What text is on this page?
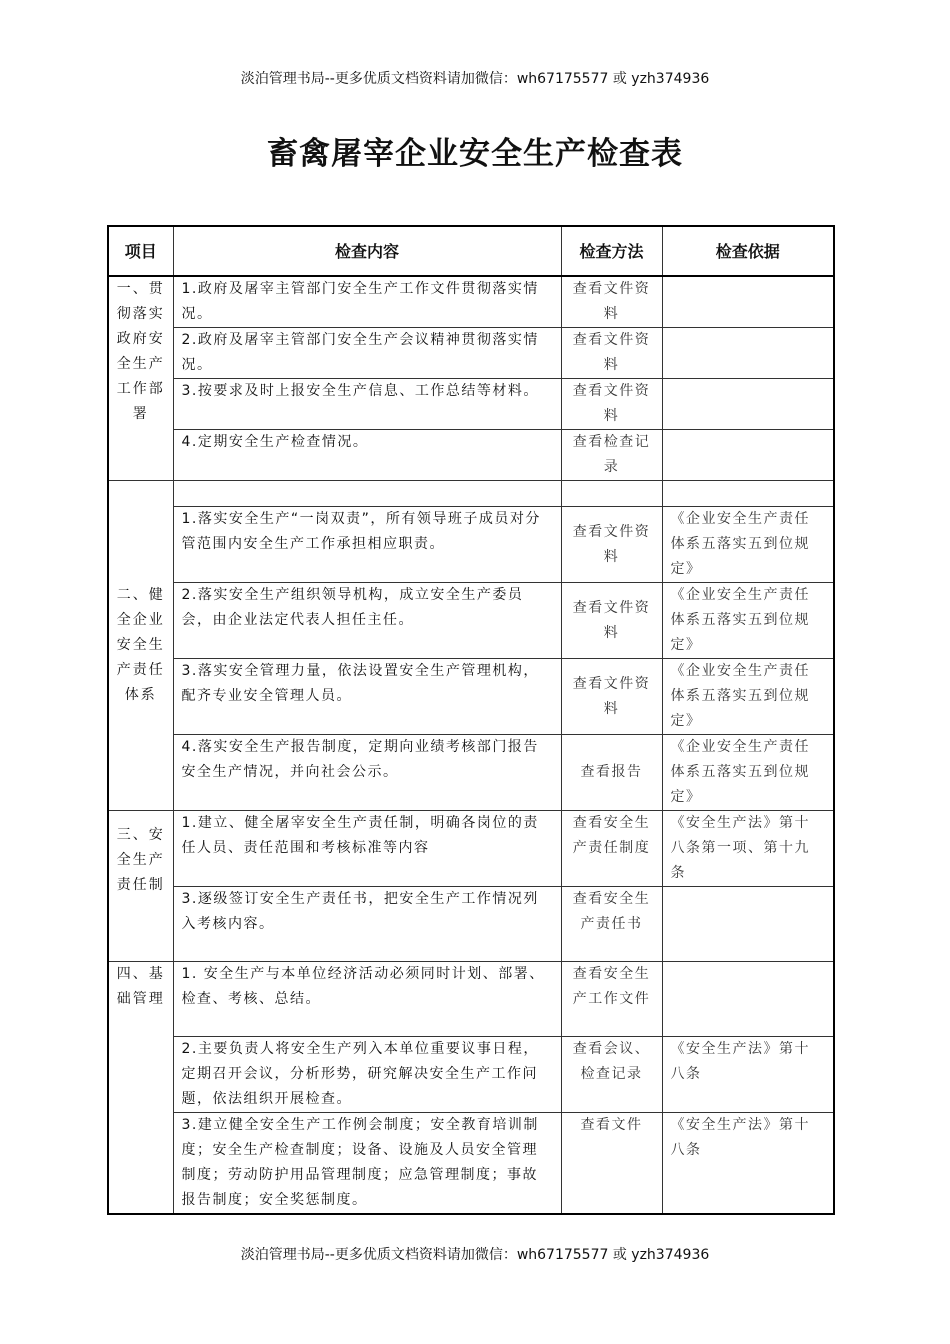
淡泊管理书局--更多优质文档资料请加微信：wh67175577 或 yzh374936
畜禽屠宰企业安全生产检查表
项目	检查内容	检查方法	检查依据
一、贯彻落实政府安全生产工作部署	1.政府及屠宰主管部门安全生产工作文件贯彻落实情况。	查看文件资料	
	2.政府及屠宰主管部门安全生产会议精神贯彻落实情况。	查看文件资料	
	3.按要求及时上报安全生产信息、工作总结等材料。	查看文件资料	
	4.定期安全生产检查情况。	查看检查记录	
二、健全企业安全生产责任体系			
	1.落实安全生产“一岗双责”，所有领导班子成员对分管范围内安全生产工作承担相应职责。	查看文件资料	《企业安全生产责任体系五落实五到位规定》
	2.落实安全生产组织领导机构，成立安全生产委员会，由企业法定代表人担任主任。	查看文件资料	《企业安全生产责任体系五落实五到位规定》
	3.落实安全管理力量，依法设置安全生产管理机构，配齐专业安全管理人员。	查看文件资料	《企业安全生产责任体系五落实五到位规定》
	4.落实安全生产报告制度，定期向业绩考核部门报告安全生产情况，并向社会公示。	查看报告	《企业安全生产责任体系五落实五到位规定》
三、安全生产责任制	1.建立、健全屠宰安全生产责任制，明确各岗位的责任人员、责任范围和考核标准等内容	查看安全生产责任制度	《安全生产法》第十八条第一项、第十九条
	3.逐级签订安全生产责任书，把安全生产工作情况列入考核内容。	查看安全生产责任书	
四、基础管理	1. 安全生产与本单位经济活动必须同时计划、部署、检查、考核、总结。	查看安全生产工作文件	
	2.主要负责人将安全生产列入本单位重要议事日程，定期召开会议，分析形势，研究解决安全生产工作问题，依法组织开展检查。	查看会议、检查记录	《安全生产法》第十八条
	3.建立健全安全生产工作例会制度；安全教育培训制度；安全生产检查制度；设备、设施及人员安全管理制度；劳动防护用品管理制度；应急管理制度；事故报告制度；安全奖惩制度。	查看文件	《安全生产法》第十八条
淡泊管理书局--更多优质文档资料请加微信：wh67175577 或 yzh374936
